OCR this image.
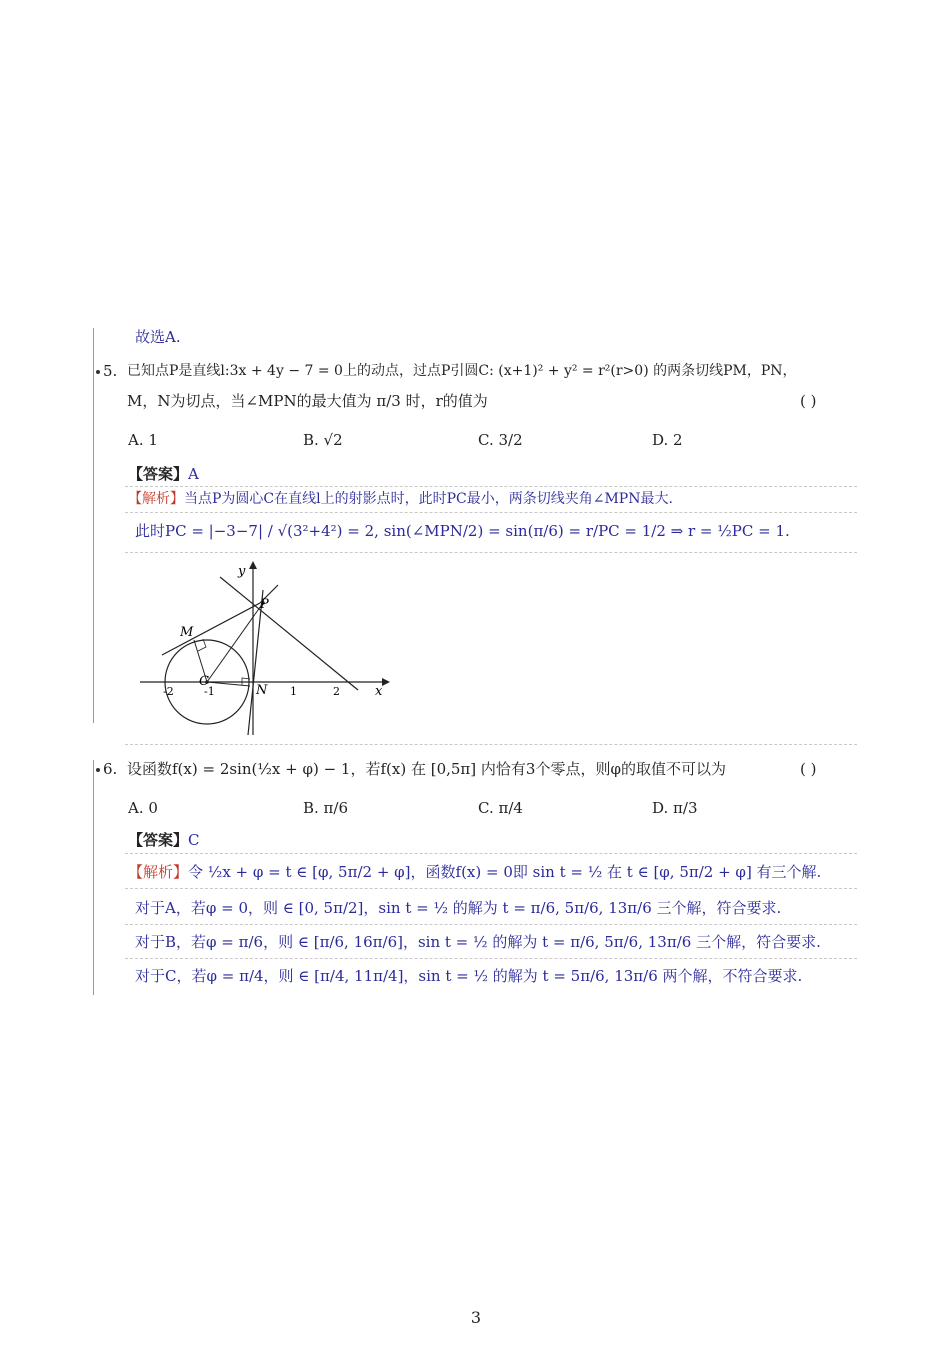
故选A.
5. 已知点P是直线l:3x + 4y − 7 = 0上的动点，过点P引圆C: (x+1)² + y² = r²(r>0) 的两条切线PM，PN，
M，N为切点，当∠MPN的最大值为 π/3 时，r的值为	( )
A. 1	B. √2	C. 3/2	D. 2
【答案】A
【解析】当点P为圆心C在直线l上的射影点时，此时PC最小，两条切线夹角∠MPN最大.
此时PC = |−3−7| / √(3²+4²) = 2, sin(∠MPN/2) = sin(π/6) = r/PC = 1/2 ⇒ r = ½PC = 1.
y
x
P
M
C
N
-2	-1	1	2
6. 设函数f(x) = 2sin(½x + φ) − 1，若f(x) 在 [0,5π] 内恰有3个零点，则φ的取值不可以为	( )
A. 0	B. π/6	C. π/4	D. π/3
【答案】C
【解析】令 ½x + φ = t ∈ [φ, 5π/2 + φ]，函数f(x) = 0即 sin t = ½ 在 t ∈ [φ, 5π/2 + φ] 有三个解.
对于A，若φ = 0，则 ∈ [0, 5π/2]，sin t = ½ 的解为 t = π/6, 5π/6, 13π/6 三个解，符合要求.
对于B，若φ = π/6，则 ∈ [π/6, 16π/6]，sin t = ½ 的解为 t = π/6, 5π/6, 13π/6 三个解，符合要求.
对于C，若φ = π/4，则 ∈ [π/4, 11π/4]，sin t = ½ 的解为 t = 5π/6, 13π/6 两个解，不符合要求.
3
